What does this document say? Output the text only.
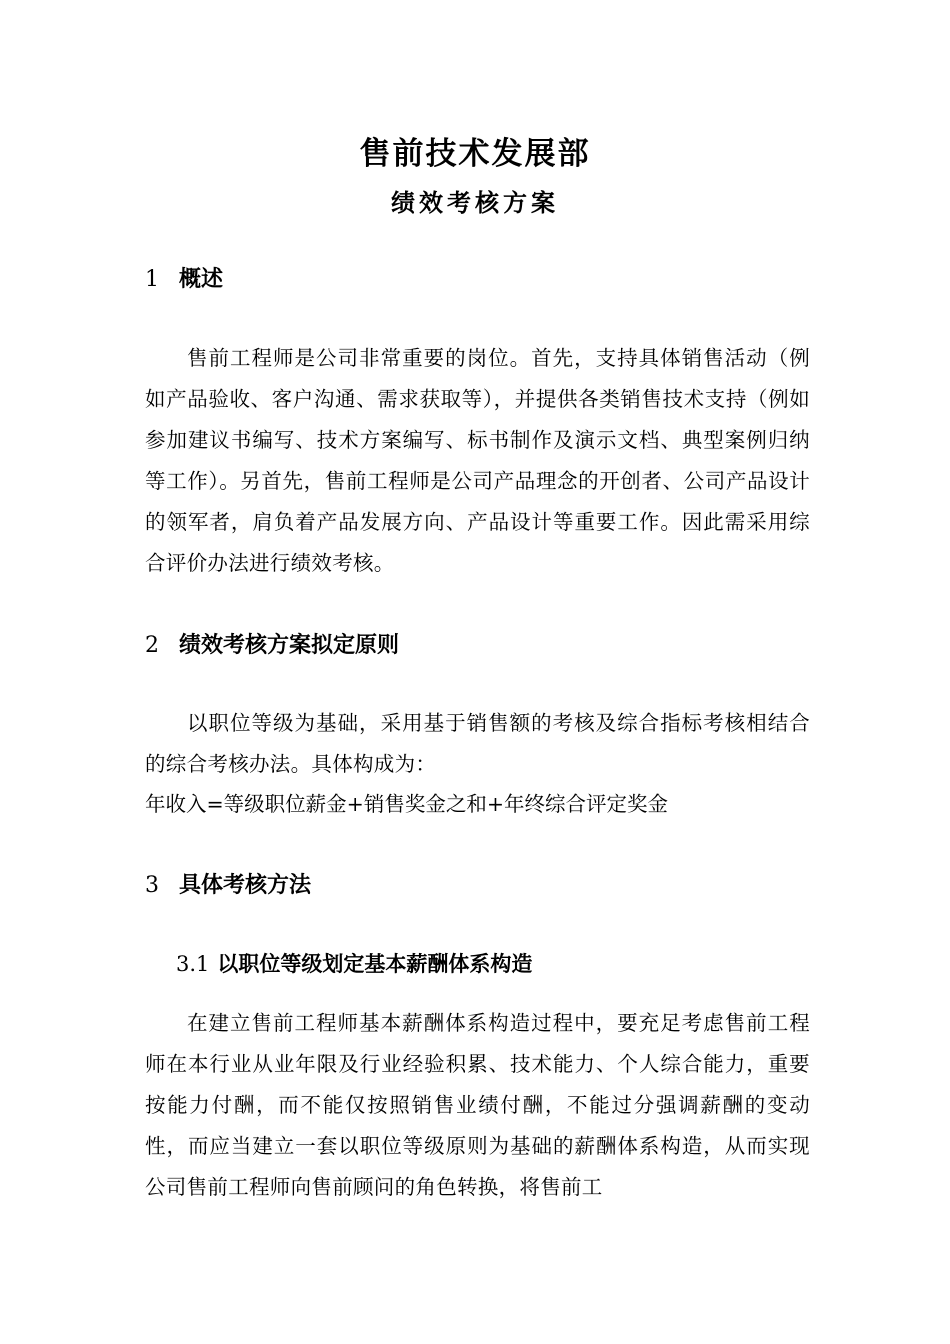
售前技术发展部
绩效考核方案
1 概述
售前工程师是公司非常重要的岗位。首先，支持具体销售活动（例如产品验收、客户沟通、需求获取等），并提供各类销售技术支持（例如参加建议书编写、技术方案编写、标书制作及演示文档、典型案例归纳等工作）。另首先，售前工程师是公司产品理念的开创者、公司产品设计的领军者，肩负着产品发展方向、产品设计等重要工作。因此需采用综合评价办法进行绩效考核。
2 绩效考核方案拟定原则
以职位等级为基础，采用基于销售额的考核及综合指标考核相结合的综合考核办法。具体构成为：
年收入=等级职位薪金+销售奖金之和+年终综合评定奖金
3 具体考核方法
3.1 以职位等级划定基本薪酬体系构造
在建立售前工程师基本薪酬体系构造过程中，要充足考虑售前工程师在本行业从业年限及行业经验积累、技术能力、个人综合能力，重要按能力付酬，而不能仅按照销售业绩付酬，不能过分强调薪酬的变动性，而应当建立一套以职位等级原则为基础的薪酬体系构造，从而实现公司售前工程师向售前顾问的角色转换，将售前工
